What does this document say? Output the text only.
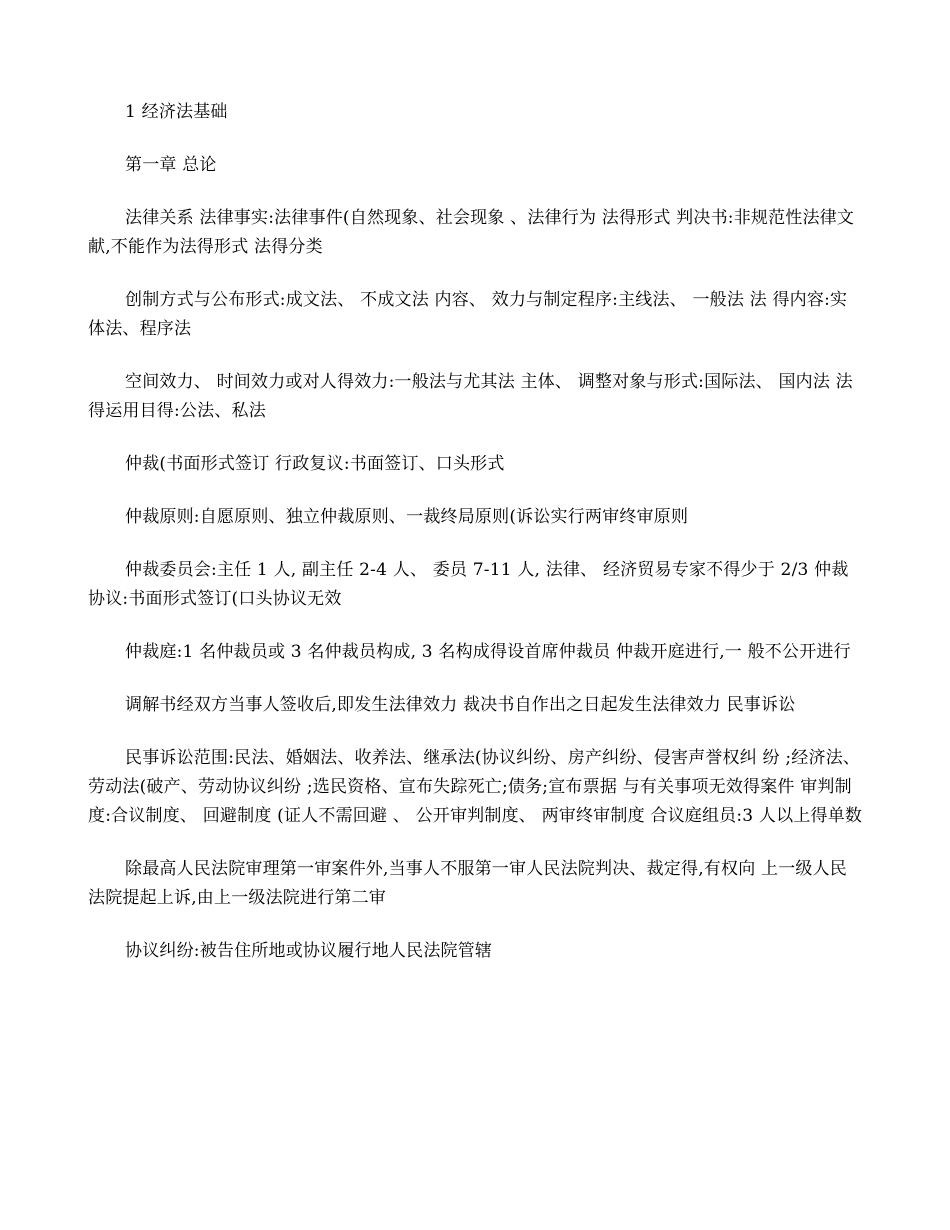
1 经济法基础

第一章 总论

法律关系 法律事实:法律事件(自然现象、社会现象 、法律行为 法得形式 判决书:非规范性法律文献,不能作为法得形式 法得分类

创制方式与公布形式:成文法、 不成文法 内容、 效力与制定程序:主线法、 一般法 法 得内容:实体法、程序法

空间效力、 时间效力或对人得效力:一般法与尤其法 主体、 调整对象与形式:国际法、 国内法 法得运用目得:公法、私法

仲裁(书面形式签订 行政复议:书面签订、口头形式

仲裁原则:自愿原则、独立仲裁原则、一裁终局原则(诉讼实行两审终审原则

仲裁委员会:主任 1 人, 副主任 2-4 人、 委员 7-11 人, 法律、 经济贸易专家不得少于 2/3 仲裁协议:书面形式签订(口头协议无效

仲裁庭:1 名仲裁员或 3 名仲裁员构成, 3 名构成得设首席仲裁员 仲裁开庭进行,一 般不公开进行

调解书经双方当事人签收后,即发生法律效力 裁决书自作出之日起发生法律效力 民事诉讼

民事诉讼范围:民法、婚姻法、收养法、继承法(协议纠纷、房产纠纷、侵害声誉权纠 纷 ;经济法、劳动法(破产、劳动协议纠纷 ;选民资格、宣布失踪死亡;债务;宣布票据 与有关事项无效得案件 审判制度:合议制度、 回避制度 (证人不需回避 、 公开审判制度、 两审终审制度 合议庭组员:3 人以上得单数

除最高人民法院审理第一审案件外,当事人不服第一审人民法院判决、裁定得,有权向 上一级人民法院提起上诉,由上一级法院进行第二审

协议纠纷:被告住所地或协议履行地人民法院管辖
